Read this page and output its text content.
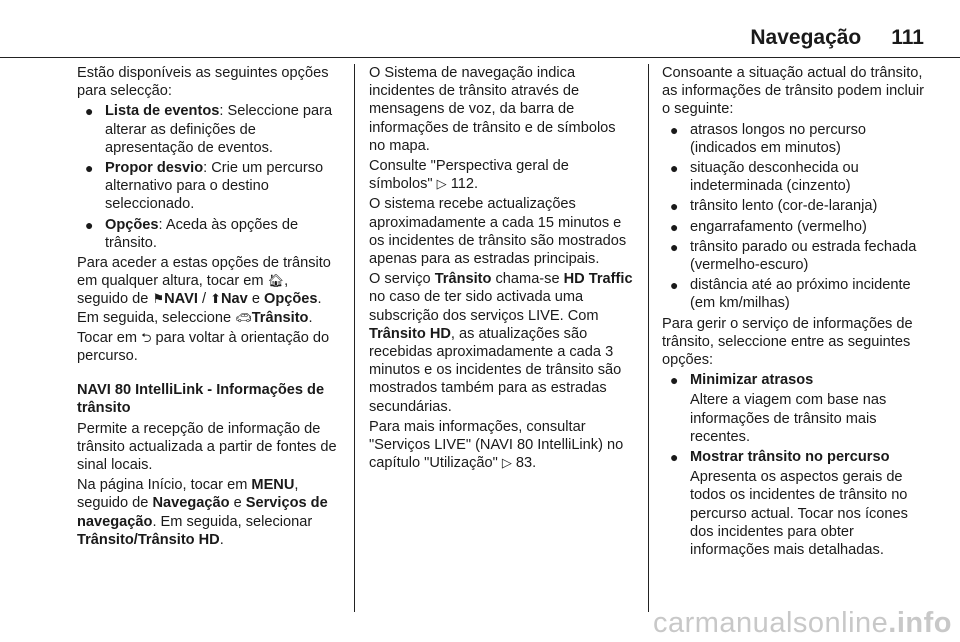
Navegação 111

Estão disponíveis as seguintes opções para selecção:

● Lista de eventos: Seleccione para alterar as definições de apresentação de eventos.
● Propor desvio: Crie um percurso alternativo para o destino seleccionado.
● Opções: Aceda às opções de trânsito.

Para aceder a estas opções de trânsito em qualquer altura, tocar em 🏠︎, seguido de ⚑NAVI / ⬆︎Nav e Opções. Em seguida, seleccione 🚗︎Trânsito.

Tocar em ⮌ para voltar à orientação do percurso.

NAVI 80 IntelliLink - Informações de trânsito

Permite a recepção de informação de trânsito actualizada a partir de fontes de sinal locais.

Na página Início, tocar em MENU, seguido de Navegação e Serviços de navegação. Em seguida, selecionar Trânsito/Trânsito HD.

O Sistema de navegação indica incidentes de trânsito através de mensagens de voz, da barra de informações de trânsito e de símbolos no mapa.

Consulte "Perspectiva geral de símbolos" ▷ 112.

O sistema recebe actualizações aproximadamente a cada 15 minutos e os incidentes de trânsito são mostrados apenas para as estradas principais.

O serviço Trânsito chama-se HD Traffic no caso de ter sido activada uma subscrição dos serviços LIVE. Com Trânsito HD, as atualizações são recebidas aproximadamente a cada 3 minutos e os incidentes de trânsito são mostrados também para as estradas secundárias.

Para mais informações, consultar "Serviços LIVE" (NAVI 80 IntelliLink) no capítulo "Utilização" ▷ 83.

Consoante a situação actual do trânsito, as informações de trânsito podem incluir o seguinte:

● atrasos longos no percurso (indicados em minutos)
● situação desconhecida ou indeterminada (cinzento)
● trânsito lento (cor-de-laranja)
● engarrafamento (vermelho)
● trânsito parado ou estrada fechada (vermelho-escuro)
● distância até ao próximo incidente (em km/milhas)

Para gerir o serviço de informações de trânsito, seleccione entre as seguintes opções:

● Minimizar atrasos

Altere a viagem com base nas informações de trânsito mais recentes.

● Mostrar trânsito no percurso

Apresenta os aspectos gerais de todos os incidentes de trânsito no percurso actual. Tocar nos ícones dos incidentes para obter informações mais detalhadas.

carmanualsonline.info
